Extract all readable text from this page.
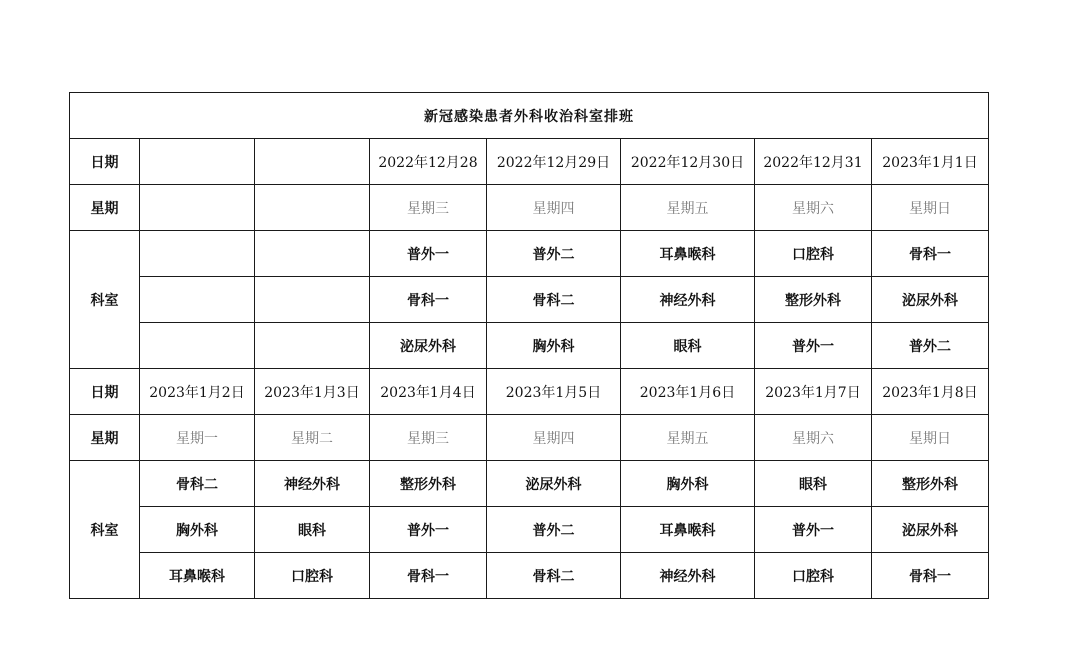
新冠感染患者外科收治科室排班							
日期			2022年12月28	2022年12月29日	2022年12月30日	2022年12月31	2023年1月1日
星期			星期三	星期四	星期五	星期六	星期日
科室			普外一	普外二	耳鼻喉科	口腔科	骨科一
			骨科一	骨科二	神经外科	整形外科	泌尿外科
			泌尿外科	胸外科	眼科	普外一	普外二
日期	2023年1月2日	2023年1月3日	2023年1月4日	2023年1月5日	2023年1月6日	2023年1月7日	2023年1月8日
星期	星期一	星期二	星期三	星期四	星期五	星期六	星期日
科室	骨科二	神经外科	整形外科	泌尿外科	胸外科	眼科	整形外科
	胸外科	眼科	普外一	普外二	耳鼻喉科	普外一	泌尿外科
	耳鼻喉科	口腔科	骨科一	骨科二	神经外科	口腔科	骨科一
